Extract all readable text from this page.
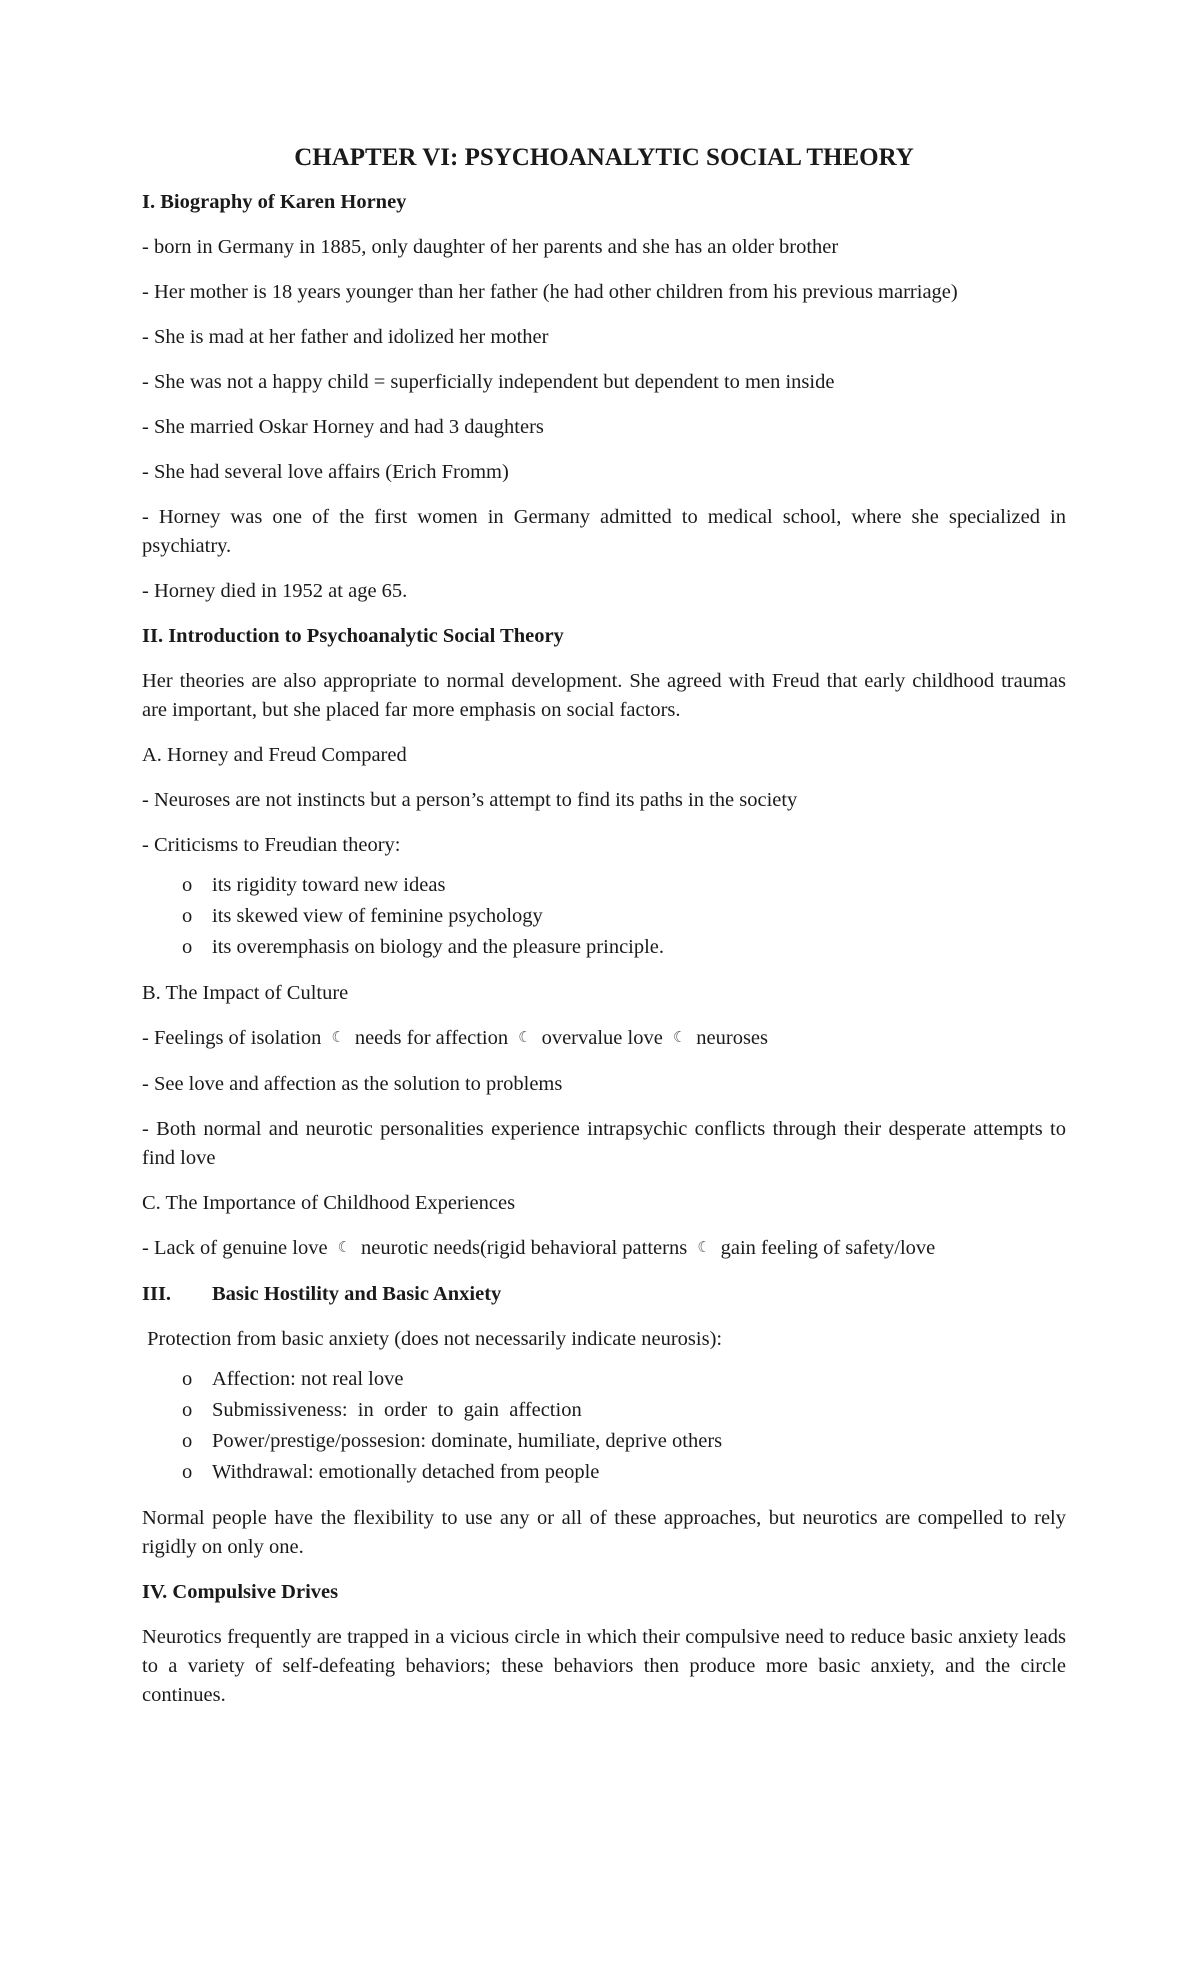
CHAPTER VI: PSYCHOANALYTIC SOCIAL THEORY
I. Biography of Karen Horney

- born in Germany in 1885, only daughter of her parents and she has an older brother

- Her mother is 18 years younger than her father (he had other children from his previous marriage)

- She is mad at her father and idolized her mother

- She was not a happy child = superficially independent but dependent to men inside

- She married Oskar Horney and had 3 daughters

- She had several love affairs (Erich Fromm)

- Horney was one of the first women in Germany admitted to medical school, where she specialized in psychiatry.

- Horney died in 1952 at age 65.

II. Introduction to Psychoanalytic Social Theory

Her theories are also appropriate to normal development. She agreed with Freud that early childhood traumas are important, but she placed far more emphasis on social factors.

A. Horney and Freud Compared

- Neuroses are not instincts but a person’s attempt to find its paths in the society

- Criticisms to Freudian theory:

o its rigidity toward new ideas
o its skewed view of feminine psychology
o its overemphasis on biology and the pleasure principle.

B. The Impact of Culture

- Feelings of isolation ☾ needs for affection ☾ overvalue love ☾ neuroses

- See love and affection as the solution to problems

- Both normal and neurotic personalities experience intrapsychic conflicts through their desperate attempts to find love

C. The Importance of Childhood Experiences

- Lack of genuine love ☾ neurotic needs(rigid behavioral patterns ☾ gain feeling of safety/love

III. Basic Hostility and Basic Anxiety

Protection from basic anxiety (does not necessarily indicate neurosis):

o Affection: not real love
o Submissiveness:  in  order  to  gain  affection
o Power/prestige/possesion: dominate, humiliate, deprive others
o Withdrawal: emotionally detached from people

Normal people have the flexibility to use any or all of these approaches, but neurotics are compelled to rely rigidly on only one.

IV. Compulsive Drives

Neurotics frequently are trapped in a vicious circle in which their compulsive need to reduce basic anxiety leads to a variety of self-defeating behaviors; these behaviors then produce more basic anxiety, and the circle continues.
